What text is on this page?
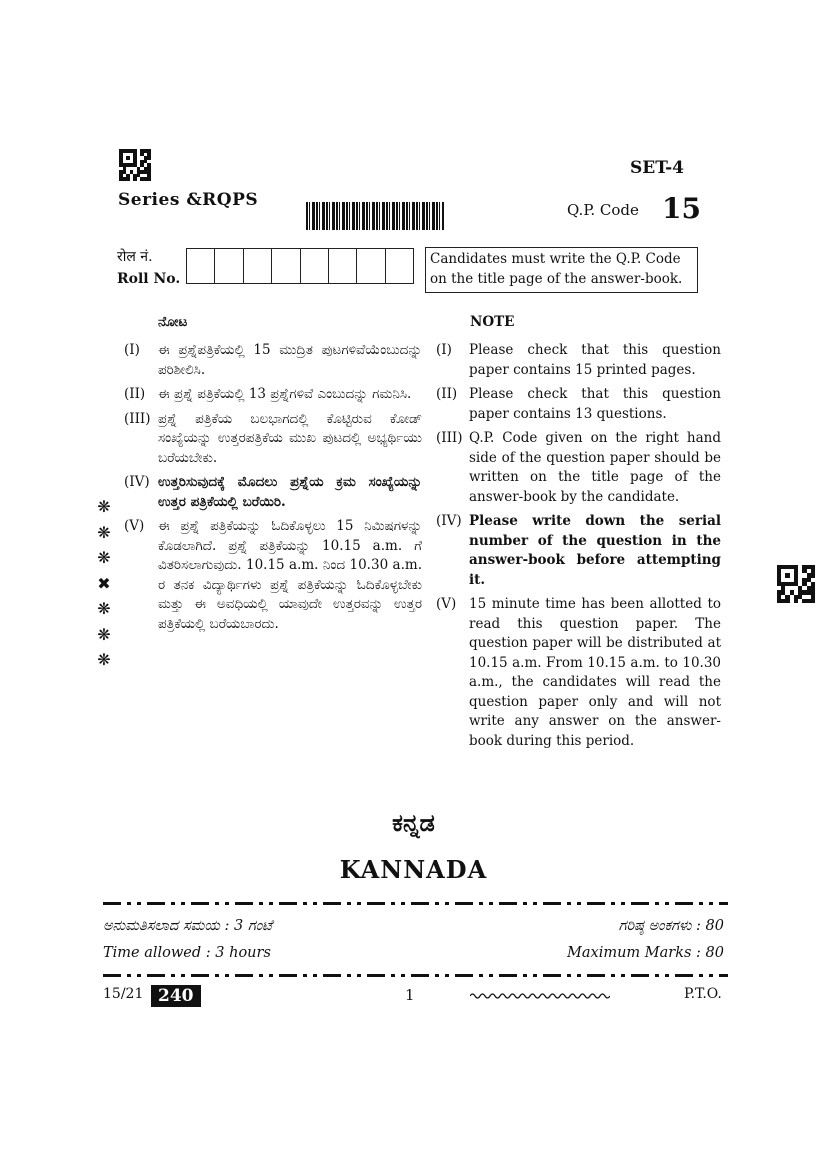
SET-4
Series &RQPS	Q.P. Code 15
रोल नं.
Roll No.
Candidates must write the Q.P. Code on the title page of the answer-book.
ನೋಟ
(I)	ಈ ಪ್ರಶ್ನೆಪತ್ರಿಕೆಯಲ್ಲಿ 15 ಮುದ್ರಿತ ಪುಟಗಳಿವೆಯೆಂಬುದನ್ನು ಪರಿಶೀಲಿಸಿ.
(II) ಈ ಪ್ರಶ್ನೆ ಪತ್ರಿಕೆಯಲ್ಲಿ 13 ಪ್ರಶ್ನೆಗಳಿವೆ ಎಂಬುದನ್ನು ಗಮನಿಸಿ.
(III) ಪ್ರಶ್ನೆ ಪತ್ರಿಕೆಯ ಬಲಭಾಗದಲ್ಲಿ ಕೊಟ್ಟಿರುವ ಕೋಡ್ ಸಂಖ್ಯೆಯನ್ನು ಉತ್ತರಪತ್ರಿಕೆಯ ಮುಖ ಪುಟದಲ್ಲಿ ಅಭ್ಯರ್ಥಿಯು ಬರೆಯಬೇಕು.
(IV) ಉತ್ತರಿಸುವುದಕ್ಕೆ ಮೊದಲು ಪ್ರಶ್ನೆಯ ಕ್ರಮ ಸಂಖ್ಯೆಯನ್ನು ಉತ್ತರ ಪತ್ರಿಕೆಯಲ್ಲಿ ಬರೆಯಿರಿ.
(V)	ಈ ಪ್ರಶ್ನೆ ಪತ್ರಿಕೆಯನ್ನು ಓದಿಕೊಳ್ಳಲು 15 ನಿಮಿಷಗಳನ್ನು ಕೊಡಲಾಗಿದೆ. ಪ್ರಶ್ನೆ ಪತ್ರಿಕೆಯನ್ನು 10.15 a.m. ಗೆ ವಿತರಿಸಲಾಗುವುದು. 10.15 a.m. ನಿಂದ 10.30 a.m. ರ ತನಕ ವಿದ್ಯಾರ್ಥಿಗಳು ಪ್ರಶ್ನೆ ಪತ್ರಿಕೆಯನ್ನು ಓದಿಕೊಳ್ಳಬೇಕು ಮತ್ತು ಈ ಅವಧಿಯಲ್ಲಿ ಯಾವುದೇ ಉತ್ತರವನ್ನು ಉತ್ತರ ಪತ್ರಿಕೆಯಲ್ಲಿ ಬರೆಯಬಾರದು.
NOTE
(I)	Please check that this question paper contains 15 printed pages.
(II) Please check that this question paper contains 13 questions.
(III) Q.P. Code given on the right hand side of the question paper should be written on the title page of the answer-book by the candidate.
(IV) Please write down the serial number of the question in the answer-book before attempting it.
(V) 15 minute time has been allotted to read this question paper. The question paper will be distributed at 10.15 a.m. From 10.15 a.m. to 10.30 a.m., the candidates will read the question paper only and will not write any answer on the answer-book during this period.
❋
❋
❋
✖
❋
❋
❋
ಕನ್ನಡ
KANNADA
ಅನುಮತಿಸಲಾದ ಸಮಯ : 3 ಗಂಟೆ	ಗರಿಷ್ಠ ಅಂಕಗಳು : 80
Time allowed : 3 hours	Maximum Marks : 80
15/21 240	1	P.T.O.
